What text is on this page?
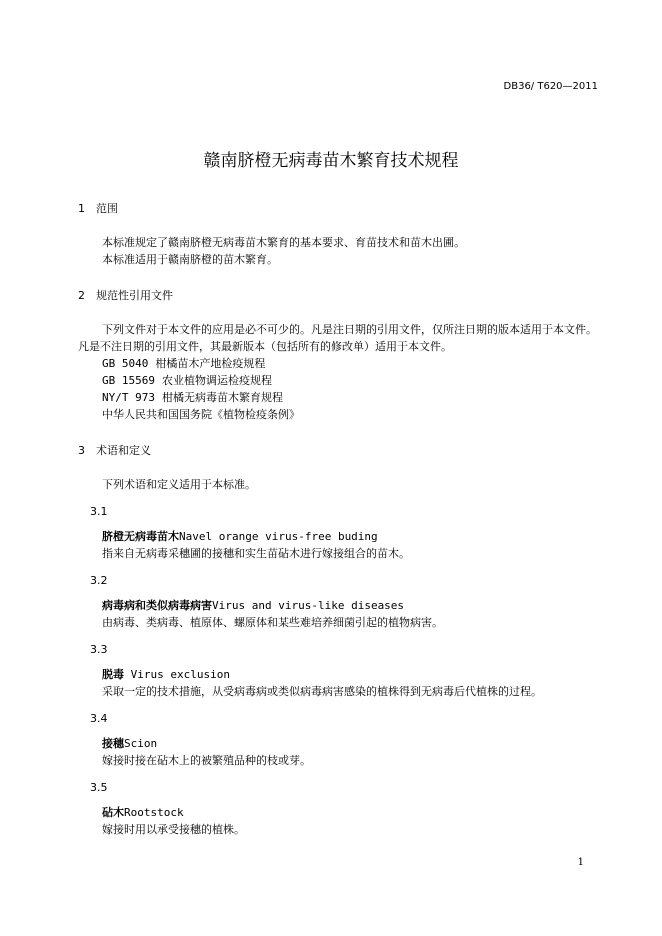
DB36/ T620—2011
赣南脐橙无病毒苗木繁育技术规程
1 范围
本标准规定了赣南脐橙无病毒苗木繁育的基本要求、育苗技术和苗木出圃。
本标准适用于赣南脐橙的苗木繁育。
2 规范性引用文件
下列文件对于本文件的应用是必不可少的。凡是注日期的引用文件，仅所注日期的版本适用于本文件。凡是不注日期的引用文件，其最新版本（包括所有的修改单）适用于本文件。
GB 5040 柑橘苗木产地检疫规程
GB 15569 农业植物调运检疫规程
NY/T 973 柑橘无病毒苗木繁育规程
中华人民共和国国务院《植物检疫条例》
3 术语和定义
下列术语和定义适用于本标准。
3.1
脐橙无病毒苗木Navel orange virus-free buding
指来自无病毒采穗圃的接穗和实生苗砧木进行嫁接组合的苗木。
3.2
病毒病和类似病毒病害Virus and virus-like diseases
由病毒、类病毒、植原体、螺原体和某些难培养细菌引起的植物病害。
3.3
脱毒 Virus exclusion
采取一定的技术措施，从受病毒病或类似病毒病害感染的植株得到无病毒后代植株的过程。
3.4
接穗Scion
嫁接时接在砧木上的被繁殖品种的枝或芽。
3.5
砧木Rootstock
嫁接时用以承受接穗的植株。
1
